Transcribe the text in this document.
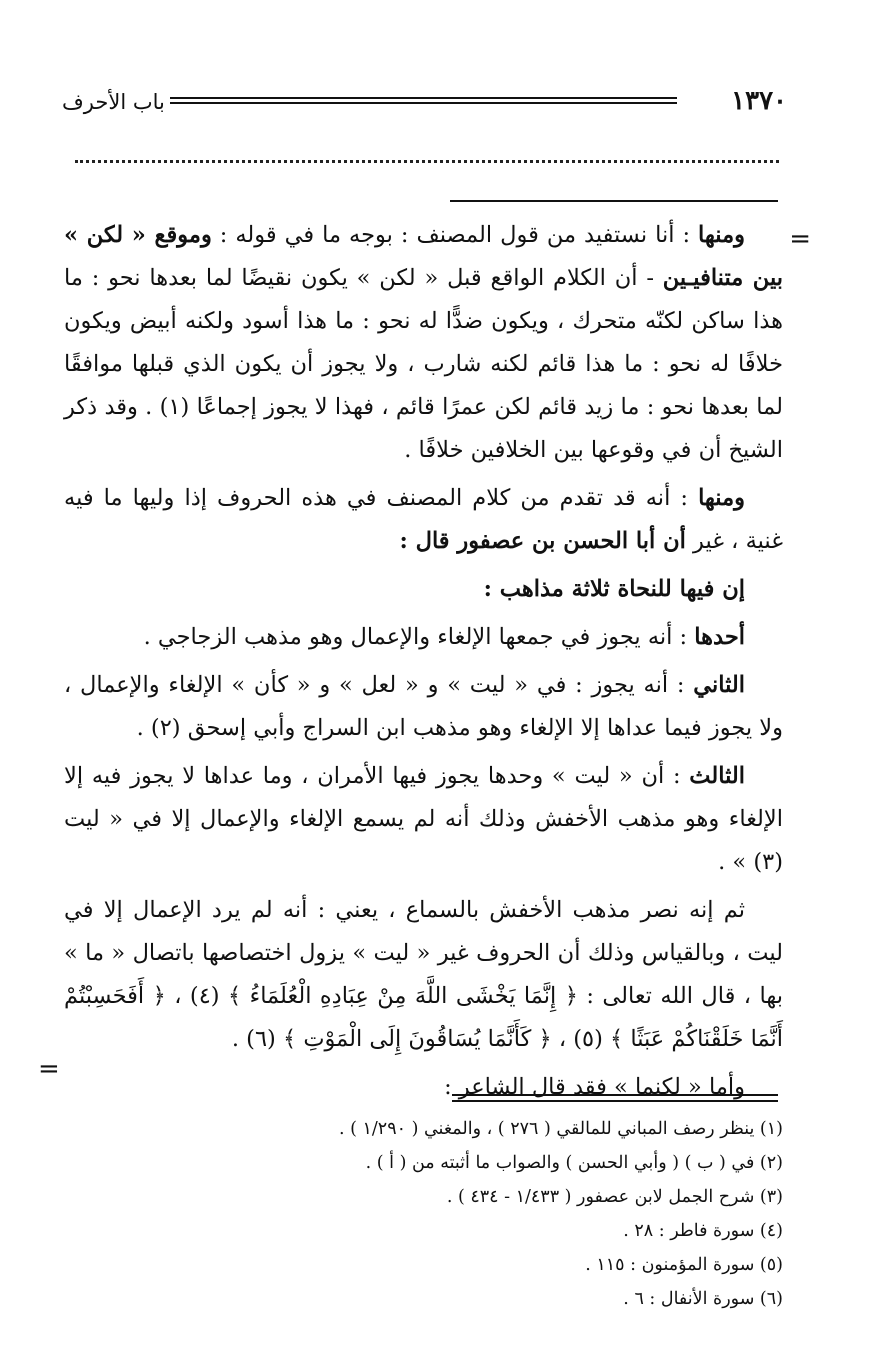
باب الأحرف	١٣٧٠
=
=

ومنها : أنا نستفيد من قول المصنف : بوجه ما في قوله : وموقع « لكن » بين متنافيـين - أن الكلام الواقع قبل « لكن » يكون نقيضًا لما بعدها نحو : ما هذا ساكن لكنّه متحرك ، ويكون ضدًّا له نحو : ما هذا أسود ولكنه أبيض ويكون خلافًا له نحو : ما هذا قائم لكنه شارب ، ولا يجوز أن يكون الذي قبلها موافقًا لما بعدها نحو : ما زيد قائم لكن عمرًا قائم ، فهذا لا يجوز إجماعًا (١) . وقد ذكر الشيخ أن في وقوعها بين الخلافين خلافًا .

ومنها : أنه قد تقدم من كلام المصنف في هذه الحروف إذا وليها ما فيه غنية ، غير أن أبا الحسن بن عصفور قال :

إن فيها للنحاة ثلاثة مذاهب :

أحدها : أنه يجوز في جمعها الإلغاء والإعمال وهو مذهب الزجاجي .

الثاني : أنه يجوز : في « ليت » و « لعل » و « كأن » الإلغاء والإعمال ، ولا يجوز فيما عداها إلا الإلغاء وهو مذهب ابن السراج وأبي إسحق (٢) .

الثالث : أن « ليت » وحدها يجوز فيها الأمران ، وما عداها لا يجوز فيه إلا الإلغاء وهو مذهب الأخفش وذلك أنه لم يسمع الإلغاء والإعمال إلا في « ليت (٣) » .

ثم إنه نصر مذهب الأخفش بالسماع ، يعني : أنه لم يرد الإعمال إلا في ليت ، وبالقياس وذلك أن الحروف غير « ليت » يزول اختصاصها باتصال « ما » بها ، قال الله تعالى : ﴿ إِنَّمَا يَخْشَى اللَّهَ مِنْ عِبَادِهِ الْعُلَمَاءُ ﴾ (٤) ، ﴿ أَفَحَسِبْتُمْ أَنَّمَا خَلَقْنَاكُمْ عَبَثًا ﴾ (٥) ، ﴿ كَأَنَّمَا يُسَاقُونَ إِلَى الْمَوْتِ ﴾ (٦) .

وأما « لكنما » فقد قال الشاعر :

(١) ينظر رصف المباني للمالقي ( ٢٧٦ ) ، والمغني ( ١/٢٩٠ ) .
(٢) في ( ب ) ( وأبي الحسن ) والصواب ما أثبته من ( أ ) .
(٣) شرح الجمل لابن عصفور ( ١/٤٣٣ - ٤٣٤ ) .
(٤) سورة فاطر : ٢٨ .
(٥) سورة المؤمنون : ١١٥ .
(٦) سورة الأنفال : ٦ .
